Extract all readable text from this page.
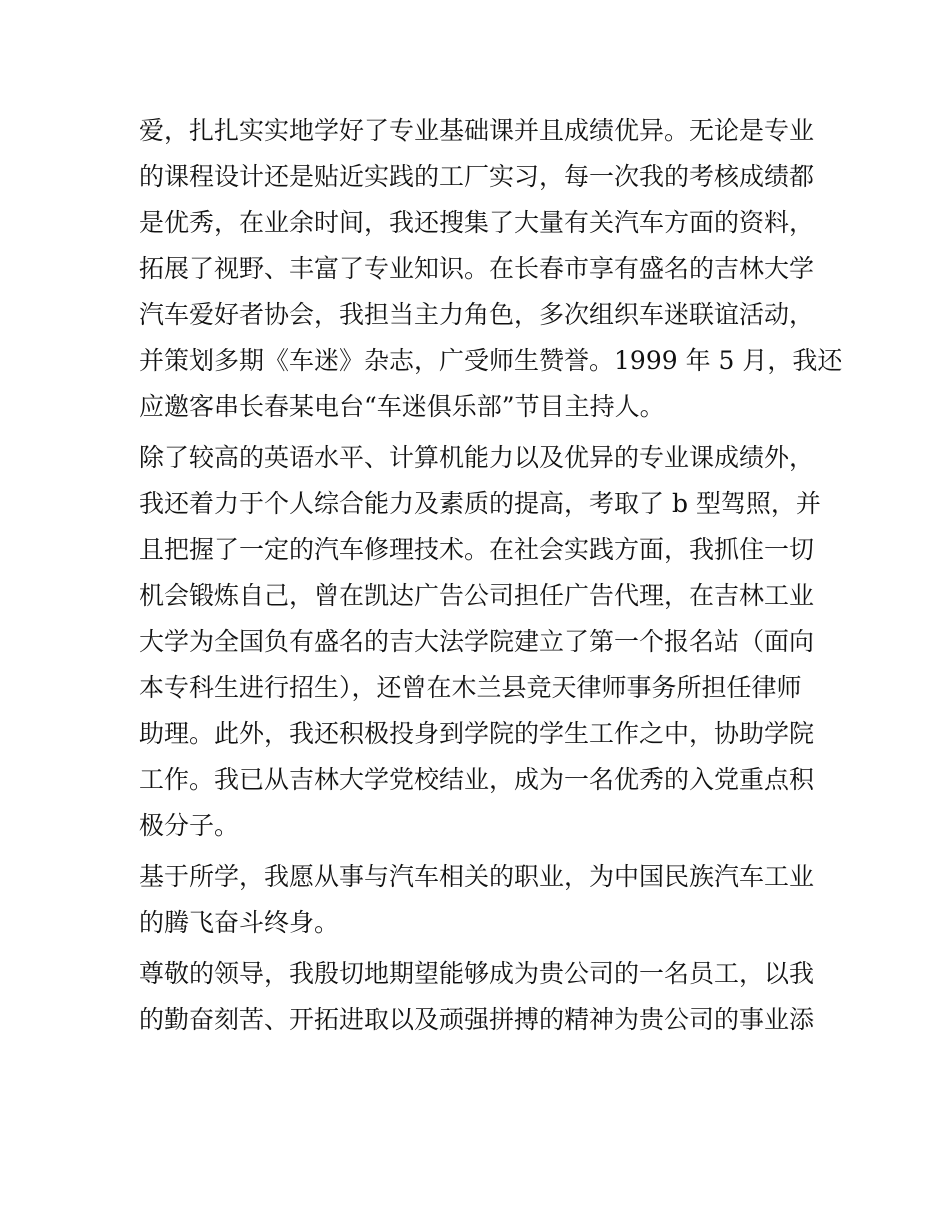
爱，扎扎实实地学好了专业基础课并且成绩优异。无论是专业
的课程设计还是贴近实践的工厂实习，每一次我的考核成绩都
是优秀，在业余时间，我还搜集了大量有关汽车方面的资料，
拓展了视野、丰富了专业知识。在长春市享有盛名的吉林大学
汽车爱好者协会，我担当主力角色，多次组织车迷联谊活动，
并策划多期《车迷》杂志，广受师生赞誉。1999 年 5 月，我还
应邀客串长春某电台“车迷俱乐部”节目主持人。
除了较高的英语水平、计算机能力以及优异的专业课成绩外，
我还着力于个人综合能力及素质的提高，考取了 b 型驾照，并
且把握了一定的汽车修理技术。在社会实践方面，我抓住一切
机会锻炼自己，曾在凯达广告公司担任广告代理，在吉林工业
大学为全国负有盛名的吉大法学院建立了第一个报名站（面向
本专科生进行招生），还曾在木兰县竞天律师事务所担任律师
助理。此外，我还积极投身到学院的学生工作之中，协助学院
工作。我已从吉林大学党校结业，成为一名优秀的入党重点积
极分子。
基于所学，我愿从事与汽车相关的职业，为中国民族汽车工业
的腾飞奋斗终身。
尊敬的领导，我殷切地期望能够成为贵公司的一名员工，以我
的勤奋刻苦、开拓进取以及顽强拼搏的精神为贵公司的事业添
